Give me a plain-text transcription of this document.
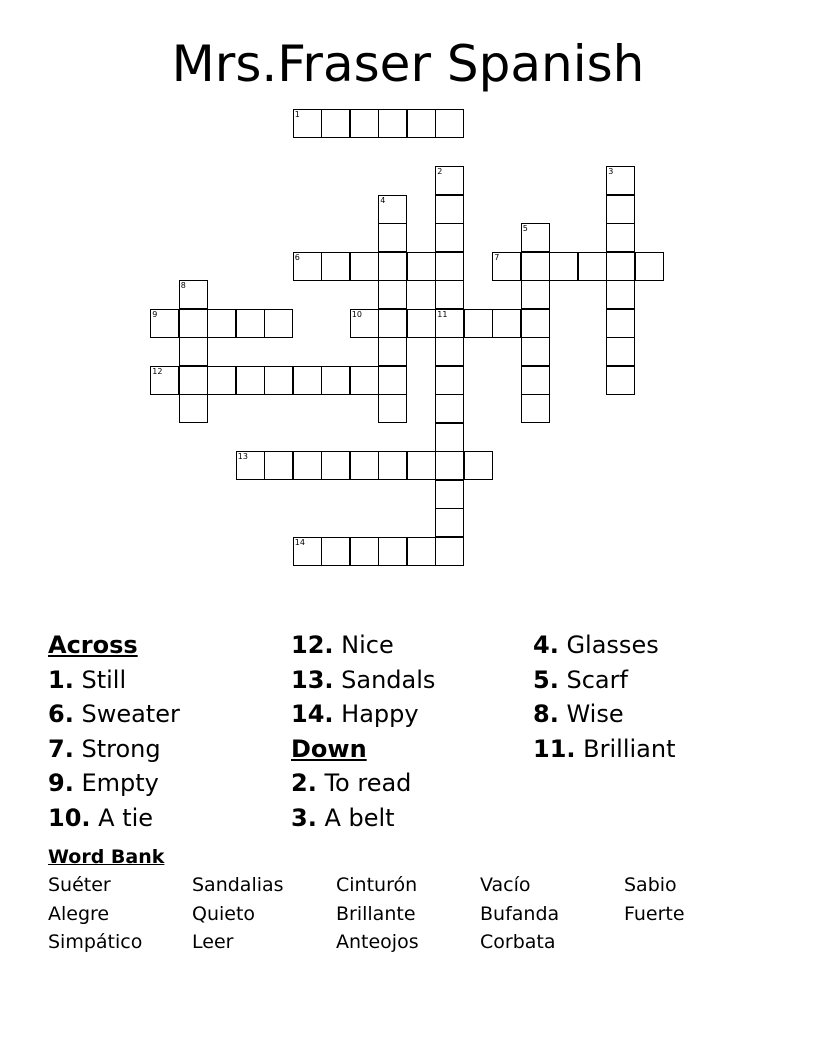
Mrs.Fraser Spanish
1
2
11
3
4
5
6	7
8
9	10
12
13
14
Across
1. Still
6. Sweater
7. Strong
9. Empty
10. A tie
12. Nice
13. Sandals
14. Happy
Down
2. To read
3. A belt
4. Glasses
5. Scarf
8. Wise
11. Brilliant
Word Bank
Suéter	Sandalias	Cinturón	Vacío	Sabio
Alegre	Quieto	Brillante	Bufanda	Fuerte
Simpático	Leer	Anteojos	Corbata
